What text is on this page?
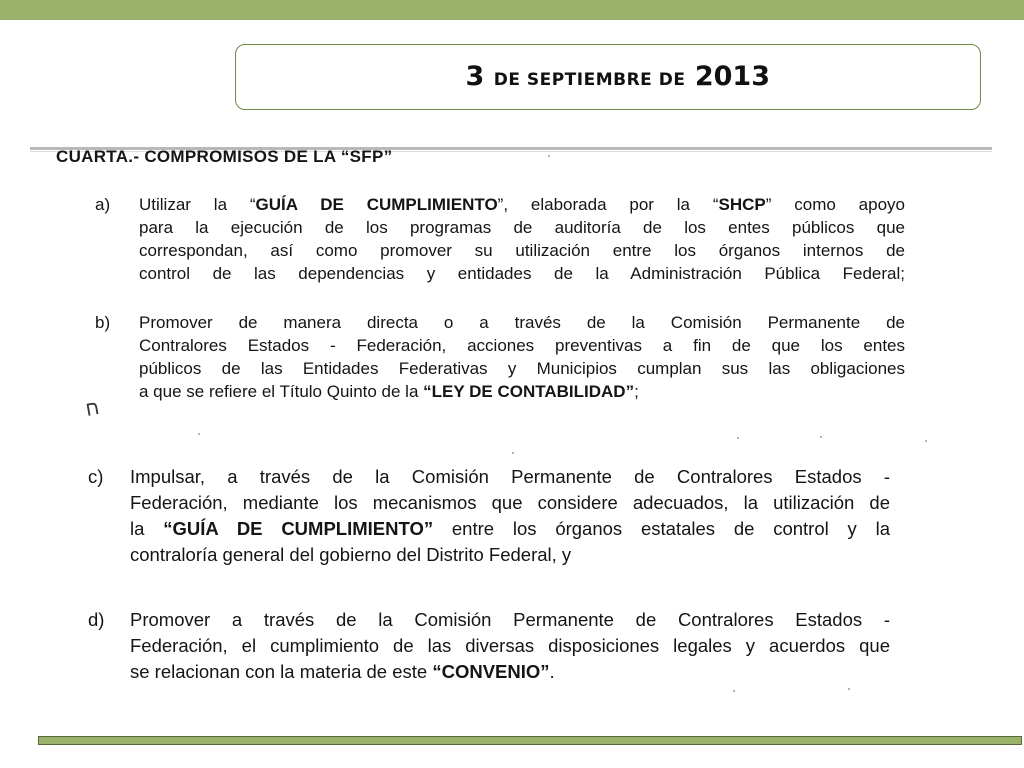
3 DE SEPTIEMBRE DE 2013
CUARTA.- COMPROMISOS DE LA “SFP”
a) Utilizar la “GUÍA DE CUMPLIMIENTO”, elaborada por la “SHCP” como apoyo
para la ejecución de los programas de auditoría de los entes públicos que
correspondan, así como promover su utilización entre los órganos internos de
control de las dependencias y entidades de la Administración Pública Federal;
b) Promover de manera directa o a través de la Comisión Permanente de
Contralores Estados - Federación, acciones preventivas a fin de que los entes
públicos de las Entidades Federativas y Municipios cumplan sus las obligaciones
a que se refiere el Título Quinto de la “LEY DE CONTABILIDAD”;
ח
c) Impulsar, a través de la Comisión Permanente de Contralores Estados -
Federación, mediante los mecanismos que considere adecuados, la utilización de
la “GUÍA DE CUMPLIMIENTO” entre los órganos estatales de control y la
contraloría general del gobierno del Distrito Federal, y
d) Promover a través de la Comisión Permanente de Contralores Estados -
Federación, el cumplimiento de las diversas disposiciones legales y acuerdos que
se relacionan con la materia de este “CONVENIO”.
